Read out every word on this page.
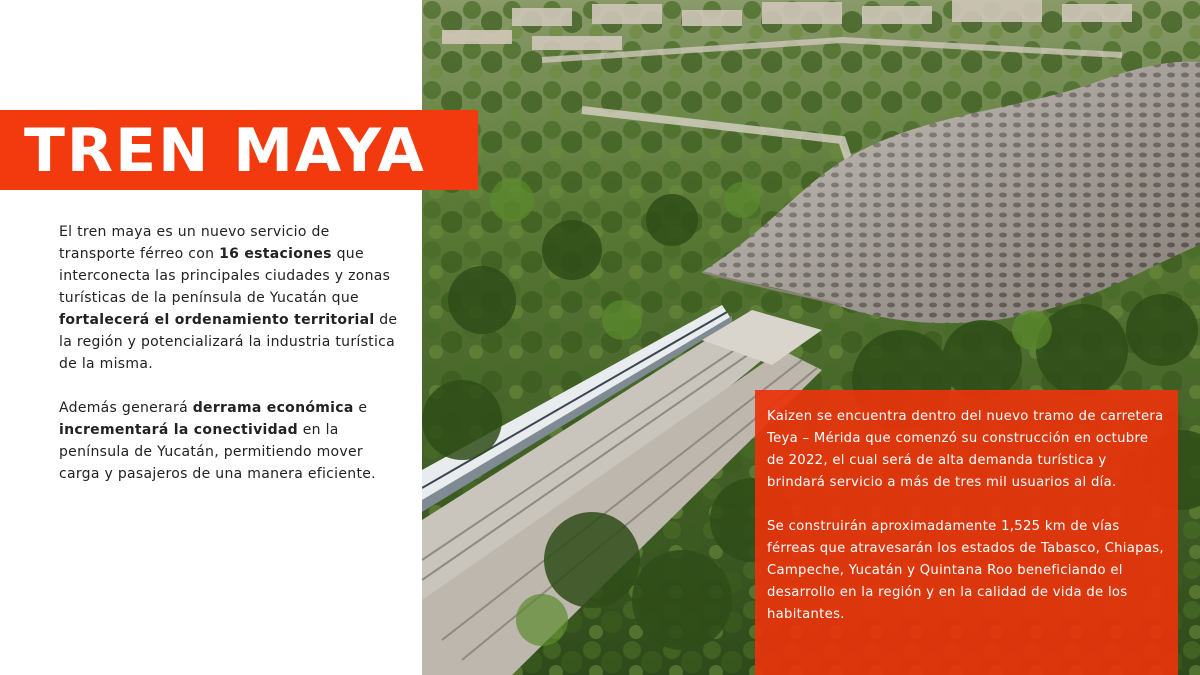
TREN MAYA

El tren maya es un nuevo servicio de transporte férreo con 16 estaciones que interconecta las principales ciudades y zonas turísticas de la península de Yucatán que fortalecerá el ordenamiento territorial de la región y potencializará la industria turística de la misma.

Además generará derrama económica e incrementará la conectividad en la península de Yucatán, permitiendo mover carga y pasajeros de una manera eficiente.

Kaizen se encuentra dentro del nuevo tramo de carretera Teya – Mérida que comenzó su construcción en octubre de 2022, el cual será de alta demanda turística y brindará servicio a más de tres mil usuarios al día.

Se construirán aproximadamente 1,525 km de vías férreas que atravesarán los estados de Tabasco, Chiapas, Campeche, Yucatán y Quintana Roo beneficiando el desarrollo en la región y en la calidad de vida de los habitantes.
